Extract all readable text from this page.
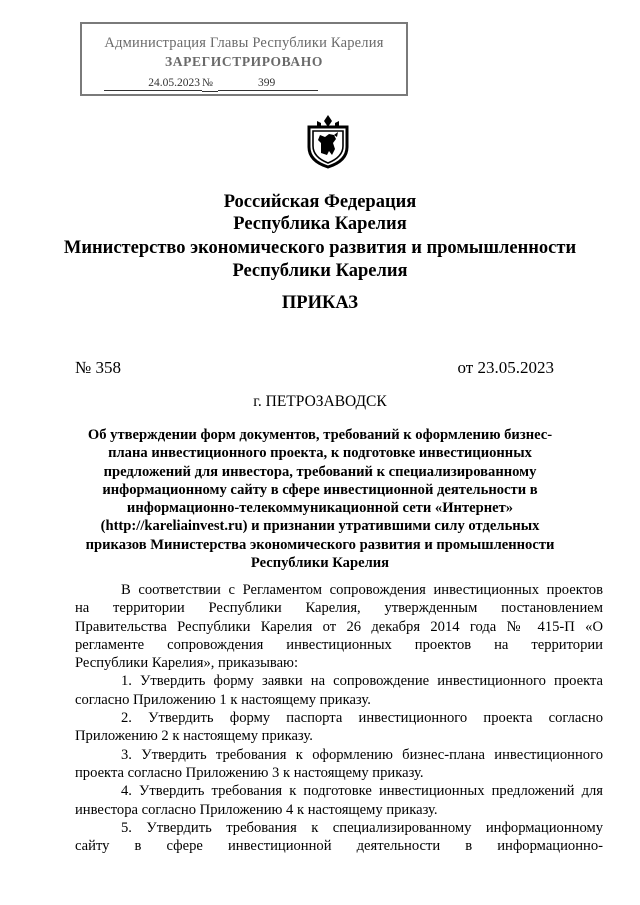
Администрация Главы Республики Карелия
ЗАРЕГИСТРИРОВАНО
24.05.2023 №	399
Российская Федерация
Республика Карелия
Министерство экономического развития и промышленности
Республики Карелия
ПРИКАЗ
№ 358	от 23.05.2023
г. ПЕТРОЗАВОДСК
Об утверждении форм документов, требований к оформлению бизнес-
плана инвестиционного проекта, к подготовке инвестиционных
предложений для инвестора, требований к специализированному
информационному сайту в сфере инвестиционной деятельности в
информационно-телекоммуникационной сети «Интернет»
(http://kareliainvest.ru) и признании утратившими силу отдельных
приказов Министерства экономического развития и промышленности
Республики Карелия
В соответствии с Регламентом сопровождения инвестиционных проектов
на территории Республики Карелия, утвержденным постановлением
Правительства Республики Карелия от 26 декабря 2014 года № 415-П «О
регламенте сопровождения инвестиционных проектов на территории
Республики Карелия», приказываю:
1. Утвердить форму заявки на сопровождение инвестиционного проекта
согласно Приложению 1 к настоящему приказу.
2. Утвердить форму паспорта инвестиционного проекта согласно
Приложению 2 к настоящему приказу.
3. Утвердить требования к оформлению бизнес-плана инвестиционного
проекта согласно Приложению 3 к настоящему приказу.
4. Утвердить требования к подготовке инвестиционных предложений для
инвестора согласно Приложению 4 к настоящему приказу.
5. Утвердить требования к специализированному информационному
сайту в сфере инвестиционной деятельности в информационно-
